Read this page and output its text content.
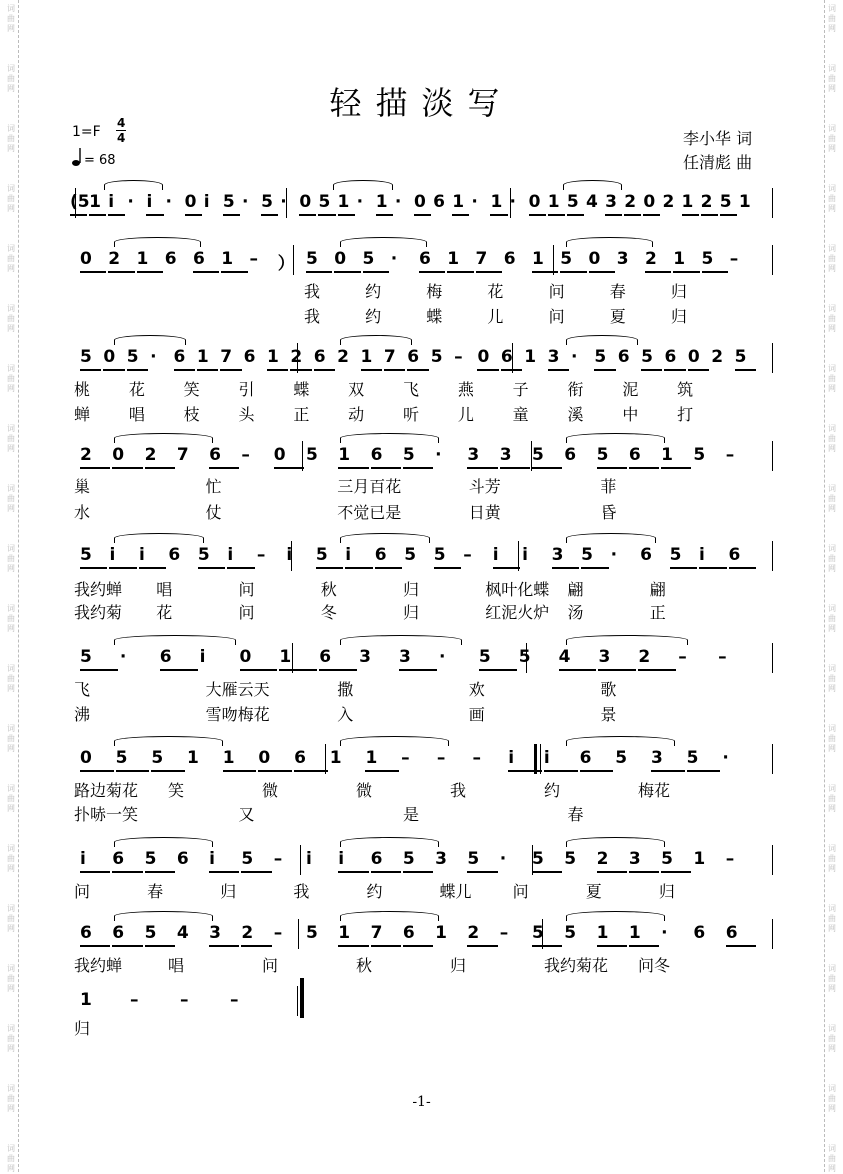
词
曲
网
词
曲
网
词
曲
网
词
曲
网
词
曲
网
词
曲
网
词
曲
网
词
曲
网
词
曲
网
词
曲
网
词
曲
网
词
曲
网
词
曲
网
词
曲
网
词
曲
网
词
曲
网
词
曲
网
词
曲
网
词
曲
网
词
曲
网
词
曲
网
词
曲
网
词
曲
网
词
曲
网
词
曲
网
词
曲
网
词
曲
网
词
曲
网
词
曲
网
词
曲
网
词
曲
网
词
曲
网
词
曲
网
词
曲
网
词
曲
网
词
曲
网
词
曲
网
词
曲
网
词
曲
网
词
曲
网
轻描淡写
1=F
4
4
= 68
李小华 词
任清彪 曲
(5 1 i · i · 0 i 5 · 5 · 0 5 1 · 1 · 0 6 1 · 1 · 0 1 5 4 3 2 0 2 1 2 5 1
0 2 1 6 6 1 – ） 5 0 5 · 6 1 7 6 1 5 0 3 2 1 5 –
我	约	梅	花	问	春	归
我	约	蝶	儿	问	夏	归
5 0 5 · 6 1 7 6 1 2 6 2 1 7 6 5 – 0 6 1 3 · 5 6 5 6 0 2 5
桃 花 笑 引 蝶 双 飞 燕 子 衔 泥 筑
蝉 唱 枝 头 正 动 听 儿 童 溪 中 打
2 0 2 7 6 – 0 5 1 6 5 · 3 3 5 6 5 6 1 5 –
巢	忙	三月百花	斗芳	菲
水	仗	不觉已是	日黄	昏
5 i i 6 5 i – i 5 i 6 5 5 – i i 3 5 · 6 5 i 6
我约蝉 唱	问	秋	归	枫叶化蝶 翩	翩
我约菊 花	问	冬	归	红泥火炉 汤	正
5 · 6 i 0 1 6 3 3 · 5 5 4 3 2 – –
飞	大雁云天	撒	欢	歌
沸	雪吻梅花	入	画	景
0 5 5 1 1 0 6 1 1 – – – i i 6 5 3 5 ·
路边菊花 笑	微	微	我	约	梅花
扑哧一笑	又	是	春
i 6 5 6 i 5 – i i 6 5 3 5 · 5 5 2 3 5 1 –
问	春	归	我	约	蝶儿	问	夏	归
6 6 5 4 3 2 – 5 1 7 6 1 2 – 5 5 1 1 · 6 6
我约蝉	唱	问	秋	归	我约菊花 问冬
1 – – –
归
-1-
